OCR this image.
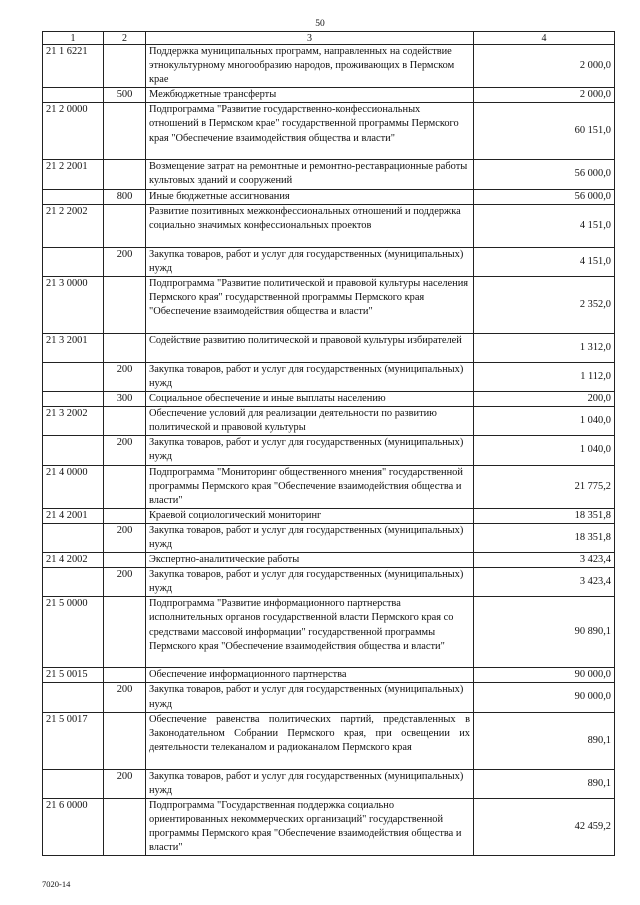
50
1	2	3	4
21 1 6221		Поддержка муниципальных программ, направленных на содействие этнокультурному многообразию народов, проживающих в Пермском крае	2 000,0
	500	Межбюджетные трансферты	2 000,0
21 2 0000		Подпрограмма "Развитие государственно-конфессиональных отношений в Пермском крае" государственной программы Пермского края "Обеспечение взаимодействия общества и власти"	60 151,0
21 2 2001		Возмещение затрат на ремонтные и ремонтно-реставрационные работы культовых зданий и сооружений	56 000,0
	800	Иные бюджетные ассигнования	56 000,0
21 2 2002		Развитие позитивных межконфессиональных отношений и поддержка социально значимых конфессиональных проектов	4 151,0
	200	Закупка товаров, работ и услуг для государственных (муниципальных) нужд	4 151,0
21 3 0000		Подпрограмма "Развитие политической и правовой культуры населения Пермского края" государственной программы Пермского края "Обеспечение взаимодействия общества и власти"	2 352,0
21 3 2001		Содействие развитию политической и правовой культуры избирателей	1 312,0
	200	Закупка товаров, работ и услуг для государственных (муниципальных) нужд	1 112,0
	300	Социальное обеспечение и иные выплаты населению	200,0
21 3 2002		Обеспечение условий для реализации деятельности по развитию политической и правовой культуры	1 040,0
	200	Закупка товаров, работ и услуг для государственных (муниципальных) нужд	1 040,0
21 4 0000		Подпрограмма "Мониторинг общественного мнения" государственной программы Пермского края "Обеспечение взаимодействия общества и власти"	21 775,2
21 4 2001		Краевой социологический мониторинг	18 351,8
	200	Закупка товаров, работ и услуг для государственных (муниципальных) нужд	18 351,8
21 4 2002		Экспертно-аналитические работы	3 423,4
	200	Закупка товаров, работ и услуг для государственных (муниципальных) нужд	3 423,4
21 5 0000		Подпрограмма "Развитие информационного партнерства исполнительных органов государственной власти Пермского края со средствами массовой информации" государственной программы Пермского края "Обеспечение взаимодействия общества и власти"	90 890,1
21 5 0015		Обеспечение информационного партнерства	90 000,0
	200	Закупка товаров, работ и услуг для государственных (муниципальных) нужд	90 000,0
21 5 0017		Обеспечение равенства политических партий, представленных в Законодательном Собрании Пермского края, при освещении их деятельности телеканалом и радиоканалом Пермского края	890,1
	200	Закупка товаров, работ и услуг для государственных (муниципальных) нужд	890,1
21 6 0000		Подпрограмма "Государственная поддержка социально ориентированных некоммерческих организаций" государственной программы Пермского края "Обеспечение взаимодействия общества и власти"	42 459,2
7020-14
